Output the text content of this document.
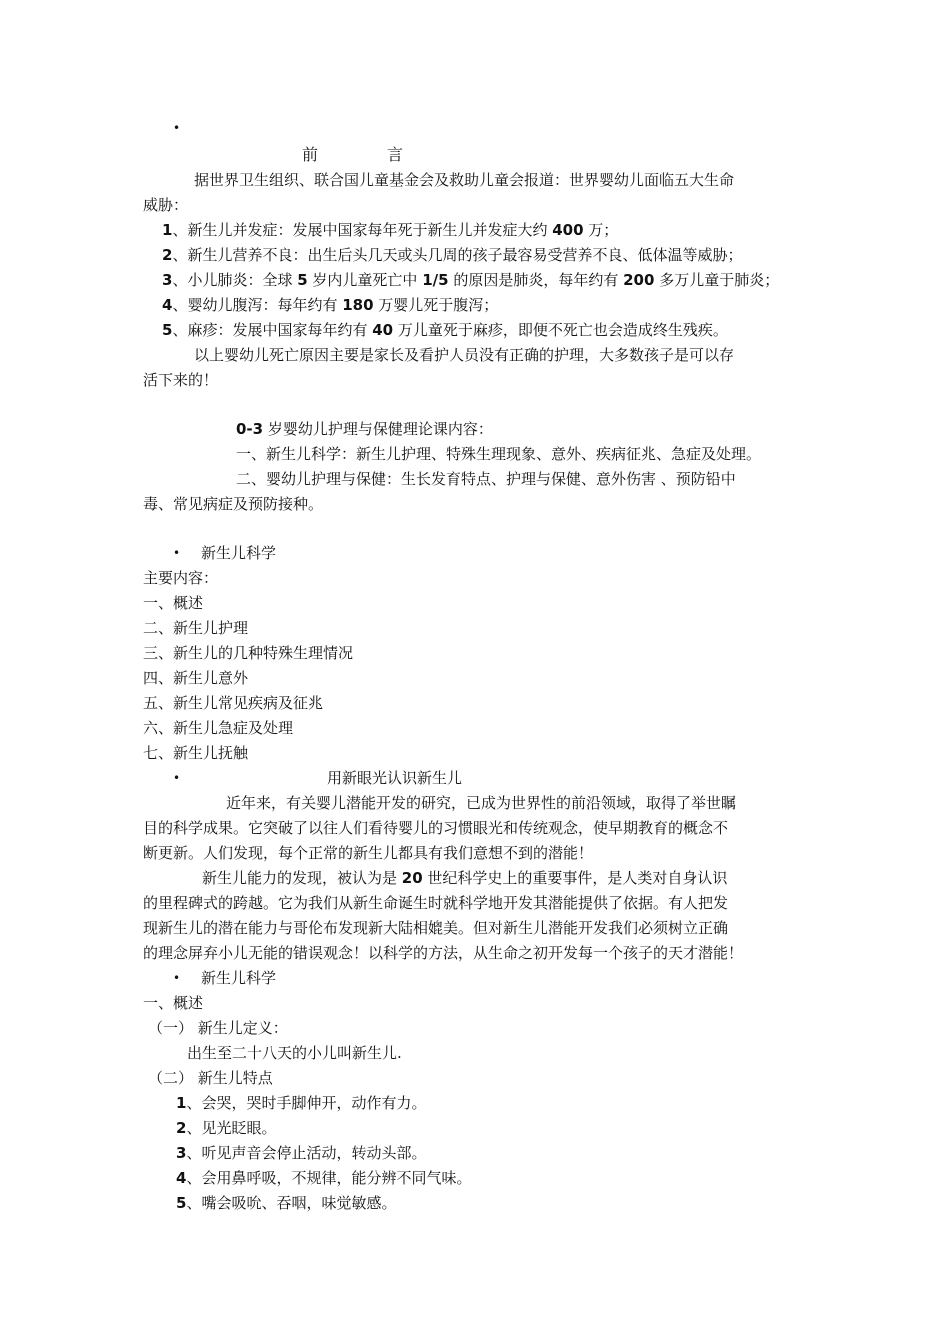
•
前	言
据世界卫生组织、联合国儿童基金会及救助儿童会报道：世界婴幼儿面临五大生命
威胁：
1、新生儿并发症：发展中国家每年死于新生儿并发症大约 400 万；
2、新生儿营养不良：出生后头几天或头几周的孩子最容易受营养不良、低体温等威胁；
3、小儿肺炎：全球 5 岁内儿童死亡中 1/5 的原因是肺炎，每年约有 200 多万儿童于肺炎；
4、婴幼儿腹泻：每年约有 180 万婴儿死于腹泻；
5、麻疹：发展中国家每年约有 40 万儿童死于麻疹，即便不死亡也会造成终生残疾。
以上婴幼儿死亡原因主要是家长及看护人员没有正确的护理，大多数孩子是可以存
活下来的！
0-3 岁婴幼儿护理与保健理论课内容：
一、新生儿科学：新生儿护理、特殊生理现象、意外、疾病征兆、急症及处理。
二、婴幼儿护理与保健：生长发育特点、护理与保健、意外伤害 、预防铅中
毒、常见病症及预防接种。
• 新生儿科学
主要内容：
一、概述
二、新生儿护理
三、新生儿的几种特殊生理情况
四、新生儿意外
五、新生儿常见疾病及征兆
六、新生儿急症及处理
七、新生儿抚触
•	用新眼光认识新生儿
近年来，有关婴儿潜能开发的研究，已成为世界性的前沿领域，取得了举世瞩
目的科学成果。它突破了以往人们看待婴儿的习惯眼光和传统观念，使早期教育的概念不
断更新。人们发现，每个正常的新生儿都具有我们意想不到的潜能！
新生儿能力的发现，被认为是 20 世纪科学史上的重要事件，是人类对自身认识
的里程碑式的跨越。它为我们从新生命诞生时就科学地开发其潜能提供了依据。有人把发
现新生儿的潜在能力与哥伦布发现新大陆相媲美。但对新生儿潜能开发我们必须树立正确
的理念屏弃小儿无能的错误观念！以科学的方法，从生命之初开发每一个孩子的天才潜能！
• 新生儿科学
一、概述
（一） 新生儿定义：
出生至二十八天的小儿叫新生儿.
（二） 新生儿特点
1、会哭，哭时手脚伸开，动作有力。
2、见光眨眼。
3、听见声音会停止活动，转动头部。
4、会用鼻呼吸，不规律，能分辨不同气味。
5、嘴会吸吮、吞咽，味觉敏感。
